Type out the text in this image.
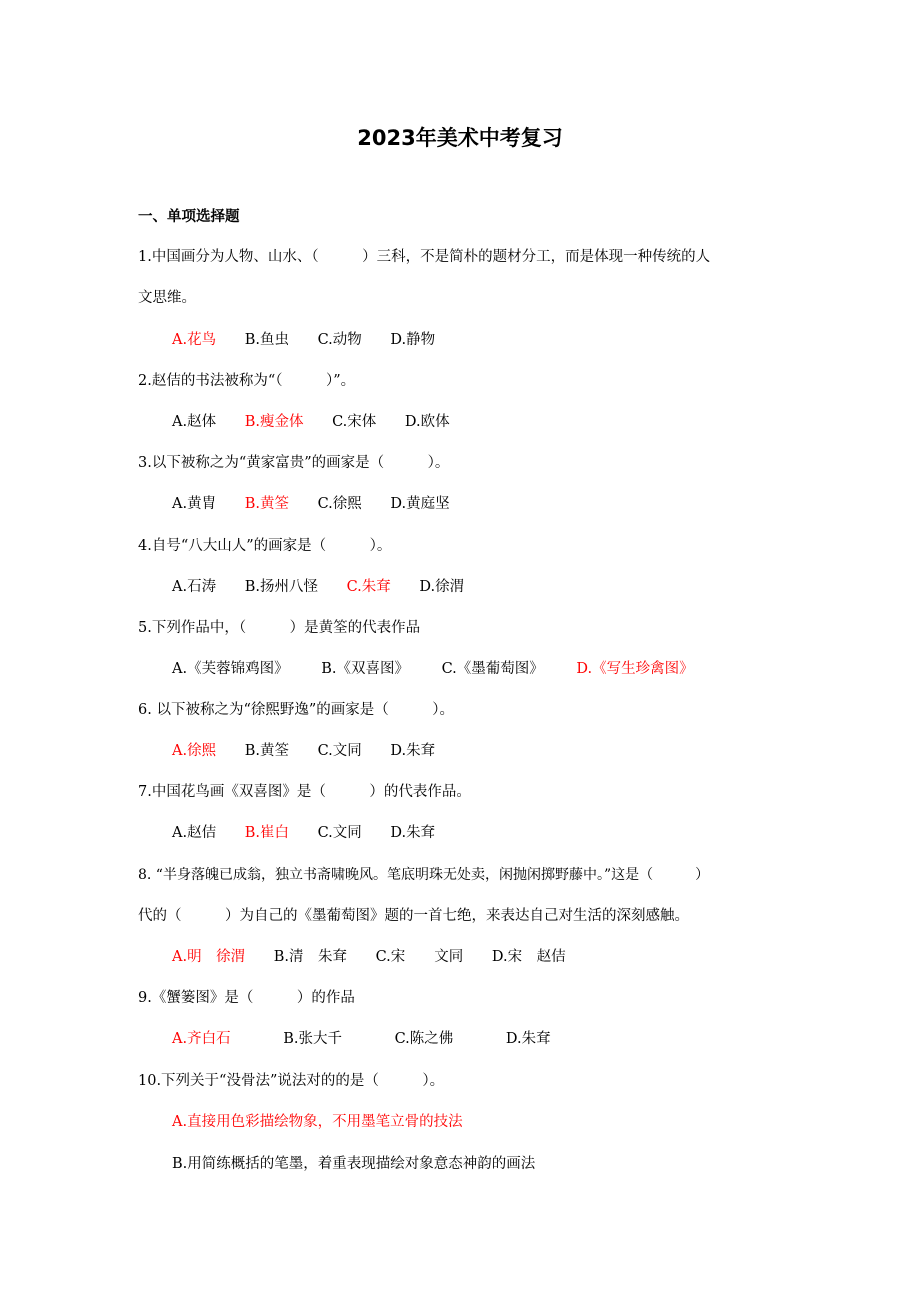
2023年美术中考复习
一、单项选择题
1.中国画分为人物、山水、（　　　）三科，不是简朴的题材分工，而是体现一种传统的人
文思维。
A.花鸟 B.鱼虫 C.动物 D.静物
2.赵佶的书法被称为“（　　　）”。
A.赵体 B.瘦金体 C.宋体 D.欧体
3.以下被称之为“黄家富贵”的画家是（　　　）。
A.黄胄 B.黄筌 C.徐熙 D.黄庭坚
4.自号“八大山人”的画家是（　　　）。
A.石涛 B.扬州八怪 C.朱耷 D.徐渭
5.下列作品中，（　　　）是黄筌的代表作品
A.《芙蓉锦鸡图》 B.《双喜图》 C.《墨葡萄图》 D.《写生珍禽图》
6. 以下被称之为“徐熙野逸”的画家是（　　　）。
A.徐熙 B.黄筌 C.文同 D.朱耷
7.中国花鸟画《双喜图》是（　　　）的代表作品。
A.赵佶 B.崔白 C.文同 D.朱耷
8. “半身落魄已成翁，独立书斋啸晚风。笔底明珠无处卖，闲抛闲掷野藤中。”这是（　　　）
代的（　　　）为自己的《墨葡萄图》题的一首七绝，来表达自己对生活的深刻感触。
A.明　徐渭 B.清　朱耷 C.宋　　文同 D.宋　赵佶
9.《蟹篓图》是（　　　）的作品
A.齐白石	B.张大千	C.陈之佛	D.朱耷
10.下列关于“没骨法”说法对的的是（　　　）。
A.直接用色彩描绘物象，不用墨笔立骨的技法
B.用简练概括的笔墨，着重表现描绘对象意态神韵的画法
